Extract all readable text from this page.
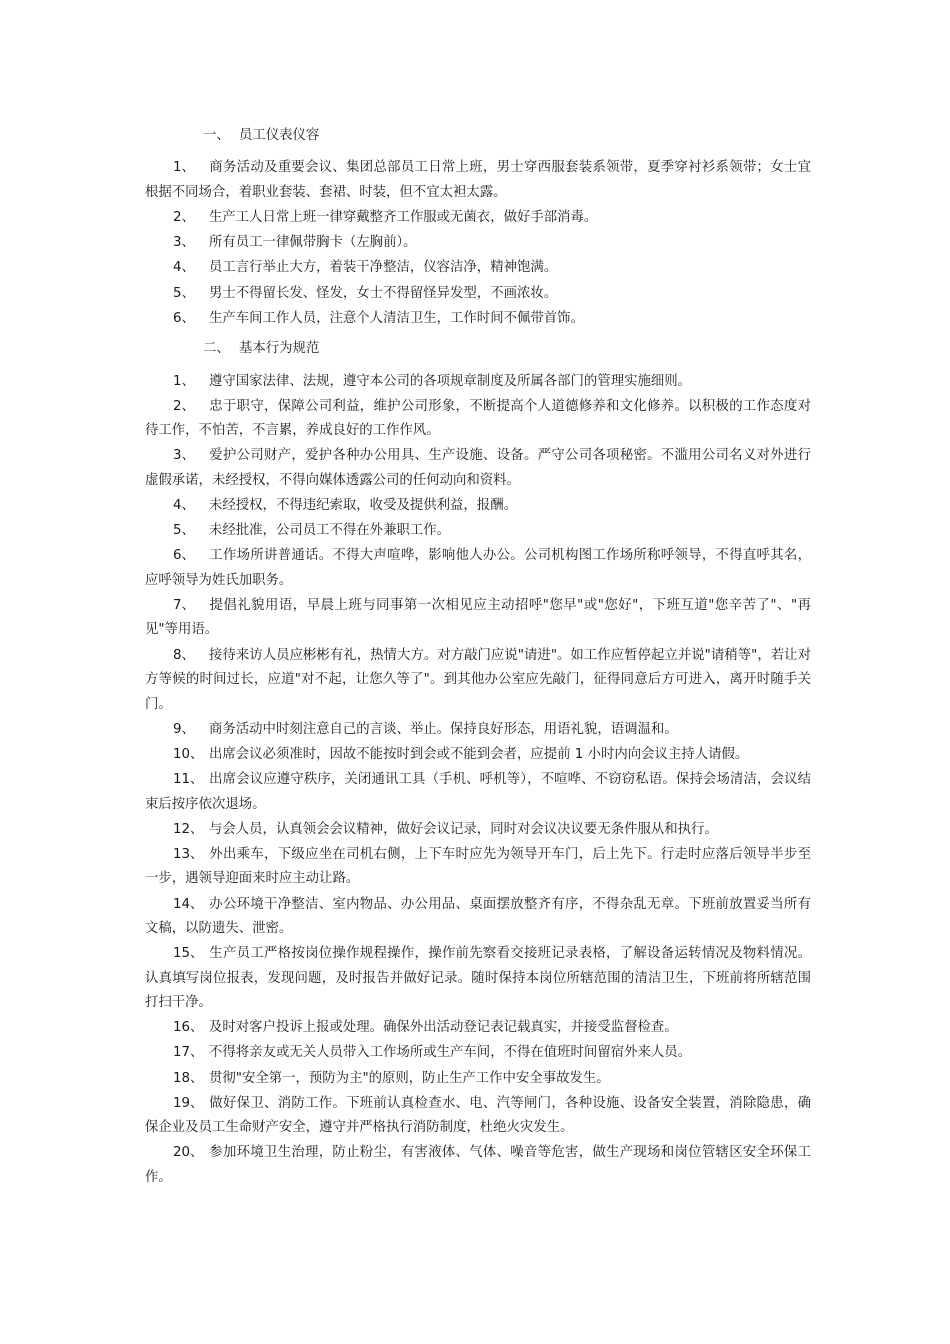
一、 员工仪表仪容

1、 商务活动及重要会议、集团总部员工日常上班，男士穿西服套装系领带，夏季穿衬衫系领带；女士宜根据不同场合，着职业套装、套裙、时装，但不宜太袒太露。

2、 生产工人日常上班一律穿戴整齐工作服或无菌衣，做好手部消毒。

3、 所有员工一律佩带胸卡（左胸前）。

4、 员工言行举止大方，着装干净整洁，仪容洁净，精神饱满。

5、 男士不得留长发、怪发，女士不得留怪异发型，不画浓妆。

6、 生产车间工作人员，注意个人清洁卫生，工作时间不佩带首饰。

二、 基本行为规范

1、 遵守国家法律、法规，遵守本公司的各项规章制度及所属各部门的管理实施细则。

2、 忠于职守，保障公司利益，维护公司形象，不断提高个人道德修养和文化修养。以积极的工作态度对待工作，不怕苦，不言累，养成良好的工作作风。

3、 爱护公司财产，爱护各种办公用具、生产设施、设备。严守公司各项秘密。不滥用公司名义对外进行虚假承诺，未经授权，不得向媒体透露公司的任何动向和资料。

4、 未经授权，不得违纪索取，收受及提供利益，报酬。

5、 未经批准，公司员工不得在外兼职工作。

6、 工作场所讲普通话。不得大声喧哗，影响他人办公。公司机构图工作场所称呼领导，不得直呼其名，应呼领导为姓氏加职务。

7、 提倡礼貌用语，早晨上班与同事第一次相见应主动招呼"您早"或"您好"，下班互道"您辛苦了"、"再见"等用语。

8、 接待来访人员应彬彬有礼，热情大方。对方敲门应说"请进"。如工作应暂停起立并说"请稍等"，若让对方等候的时间过长，应道"对不起，让您久等了"。到其他办公室应先敲门，征得同意后方可进入，离开时随手关门。

9、 商务活动中时刻注意自己的言谈、举止。保持良好形态，用语礼貌，语调温和。

10、 出席会议必须准时，因故不能按时到会或不能到会者，应提前 1 小时内向会议主持人请假。

11、 出席会议应遵守秩序，关闭通讯工具（手机、呼机等），不喧哗、不窃窃私语。保持会场清洁，会议结束后按序依次退场。

12、 与会人员，认真领会会议精神，做好会议记录，同时对会议决议要无条件服从和执行。

13、 外出乘车，下级应坐在司机右侧，上下车时应先为领导开车门，后上先下。行走时应落后领导半步至一步，遇领导迎面来时应主动让路。

14、 办公环境干净整洁、室内物品、办公用品、桌面摆放整齐有序，不得杂乱无章。下班前放置妥当所有文稿，以防遗失、泄密。

15、 生产员工严格按岗位操作规程操作，操作前先察看交接班记录表格，了解设备运转情况及物料情况。认真填写岗位报表，发现问题，及时报告并做好记录。随时保持本岗位所辖范围的清洁卫生，下班前将所辖范围打扫干净。

16、 及时对客户投诉上报或处理。确保外出活动登记表记载真实，并接受监督检查。

17、 不得将亲友或无关人员带入工作场所或生产车间，不得在值班时间留宿外来人员。

18、 贯彻"安全第一，预防为主"的原则，防止生产工作中安全事故发生。

19、 做好保卫、消防工作。下班前认真检查水、电、汽等闸门，各种设施、设备安全装置，消除隐患，确保企业及员工生命财产安全，遵守并严格执行消防制度，杜绝火灾发生。

20、 参加环境卫生治理，防止粉尘，有害液体、气体、噪音等危害，做生产现场和岗位管辖区安全环保工作。
